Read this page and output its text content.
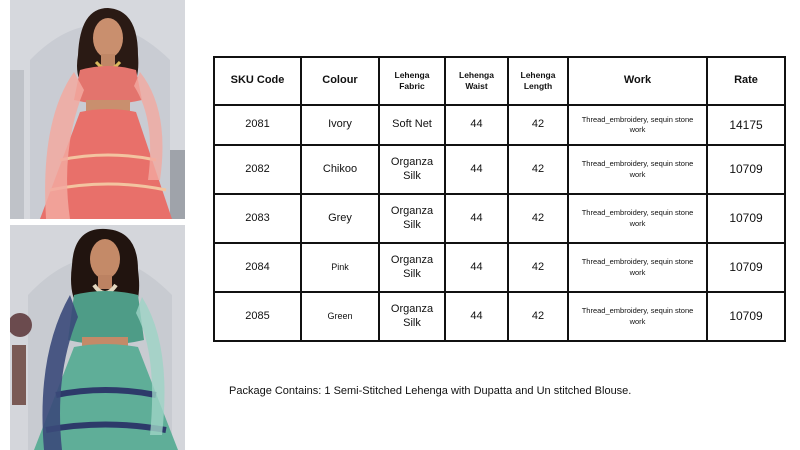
SKU Code	Colour	Lehenga Fabric	Lehenga Waist	Lehenga Length	Work	Rate
2081	Ivory	Soft Net	44	42	Thread_embroidery, sequin stone work	14175
2082	Chikoo	Organza Silk	44	42	Thread_embroidery, sequin stone work	10709
2083	Grey	Organza Silk	44	42	Thread_embroidery, sequin stone work	10709
2084	Pink	Organza Silk	44	42	Thread_embroidery, sequin stone work	10709
2085	Green	Organza Silk	44	42	Thread_embroidery, sequin stone work	10709
Package Contains: 1 Semi-Stitched Lehenga with Dupatta and Un stitched Blouse.
